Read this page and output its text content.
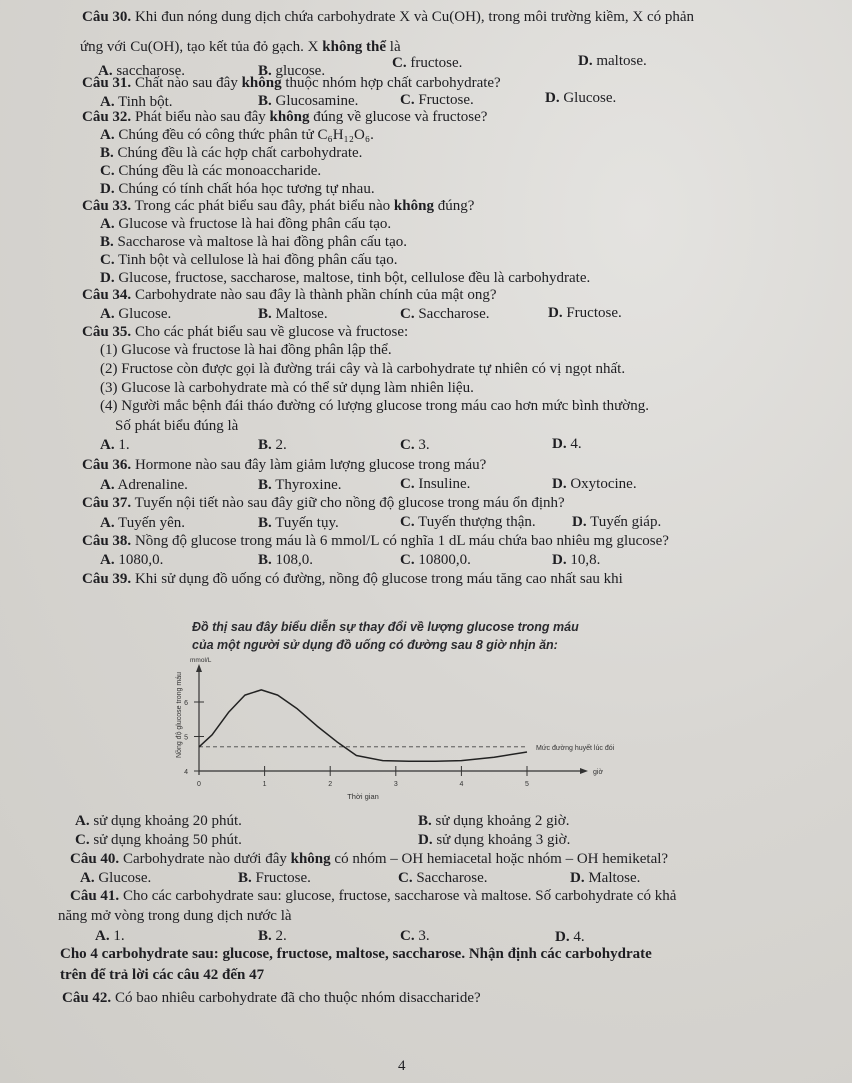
Câu 30. Khi đun nóng dung dịch chứa carbohydrate X và Cu(OH), trong môi trường kiềm, X có phản
ứng với Cu(OH), tạo kết tủa đỏ gạch. X không thể là
A. saccharose.	B. glucose.	C. fructose.	D. maltose.
Câu 31. Chất nào sau đây không thuộc nhóm hợp chất carbohydrate?
A. Tinh bột.	B. Glucosamine.	C. Fructose.	D. Glucose.
Câu 32. Phát biểu nào sau đây không đúng về glucose và fructose?
A. Chúng đều có công thức phân tử C₆H₁₂O₆.
B. Chúng đều là các hợp chất carbohydrate.
C. Chúng đều là các monoaccharide.
D. Chúng có tính chất hóa học tương tự nhau.
Câu 33. Trong các phát biểu sau đây, phát biểu nào không đúng?
A. Glucose và fructose là hai đồng phân cấu tạo.
B. Saccharose và maltose là hai đồng phân cấu tạo.
C. Tinh bột và cellulose là hai đồng phân cấu tạo.
D. Glucose, fructose, saccharose, maltose, tinh bột, cellulose đều là carbohydrate.
Câu 34. Carbohydrate nào sau đây là thành phần chính của mật ong?
A. Glucose.	B. Maltose.	C. Saccharose.	D. Fructose.
Câu 35. Cho các phát biểu sau về glucose và fructose:
(1) Glucose và fructose là hai đồng phân lập thể.
(2) Fructose còn được gọi là đường trái cây và là carbohydrate tự nhiên có vị ngọt nhất.
(3) Glucose là carbohydrate mà có thể sử dụng làm nhiên liệu.
(4) Người mắc bệnh đái tháo đường có lượng glucose trong máu cao hơn mức bình thường.
Số phát biểu đúng là
A. 1.	B. 2.	C. 3.	D. 4.
Câu 36. Hormone nào sau đây làm giảm lượng glucose trong máu?
A. Adrenaline.	B. Thyroxine.	C. Insuline.	D. Oxytocine.
Câu 37. Tuyến nội tiết nào sau đây giữ cho nồng độ glucose trong máu ổn định?
A. Tuyến yên.	B. Tuyến tụy.	C. Tuyến thượng thận. D. Tuyến giáp.
Câu 38. Nồng độ glucose trong máu là 6 mmol/L có nghĩa 1 dL máu chứa bao nhiêu mg glucose?
A. 1080,0.	B. 108,0.	C. 10800,0.	D. 10,8.
Câu 39. Khi sử dụng đồ uống có đường, nồng độ glucose trong máu tăng cao nhất sau khi
Đồ thị sau đây biểu diễn sự thay đổi về lượng glucose trong máu
của một người sử dụng đồ uống có đường sau 8 giờ nhịn ăn:
0	1	2	3	4	5
4
5
6
Mức đường huyết lúc đói
giờ
mmol/L
Thời gian
Nồng độ glucose trong máu
A. sử dụng khoảng 20 phút.	B. sử dụng khoảng 2 giờ.
C. sử dụng khoảng 50 phút.	D. sử dụng khoảng 3 giờ.
Câu 40. Carbohydrate nào dưới đây không có nhóm – OH hemiacetal hoặc nhóm – OH hemiketal?
A. Glucose.	B. Fructose.	C. Saccharose.	D. Maltose.
Câu 41. Cho các carbohydrate sau: glucose, fructose, saccharose và maltose. Số carbohydrate có khả
năng mở vòng trong dung dịch nước là
A. 1.	B. 2.	C. 3.	D. 4.
Cho 4 carbohydrate sau: glucose, fructose, maltose, saccharose. Nhận định các carbohydrate
trên để trả lời các câu 42 đến 47
Câu 42. Có bao nhiêu carbohydrate đã cho thuộc nhóm disaccharide?
4
